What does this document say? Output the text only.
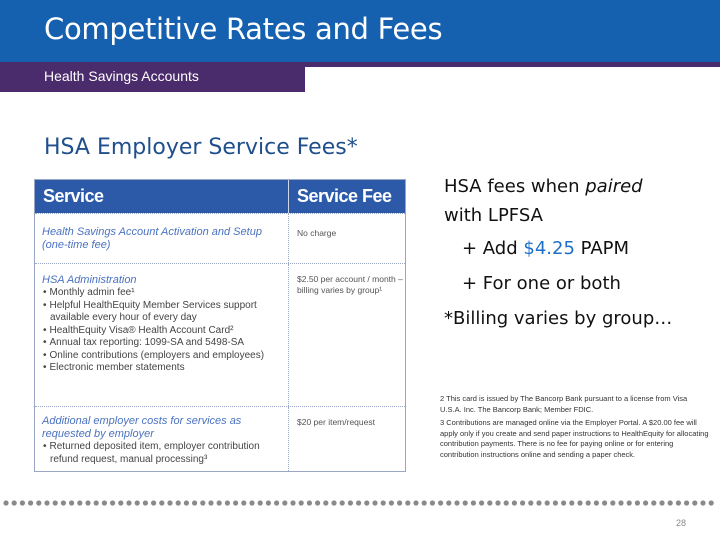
Competitive Rates and Fees
Health Savings Accounts
HSA Employer Service Fees*
Service	Service Fee
Health Savings Account Activation and Setup (one-time fee)
No charge
HSA Administration
• Monthly admin fee¹
• Helpful HealthEquity Member Services support available every hour of every day
• HealthEquity Visa® Health Account Card²
• Annual tax reporting: 1099-SA and 5498-SA
• Online contributions (employers and employees)
• Electronic member statements
$2.50 per account / month – billing varies by group¹
Additional employer costs for services as requested by employer
• Returned deposited item, employer contribution refund request, manual processing³
$20 per item/request
HSA fees when paired
with LPFSA
+ Add $4.25 PAPM
+ For one or both
*Billing varies by group…
2 This card is issued by The Bancorp Bank pursuant to a license from Visa U.S.A. Inc. The Bancorp Bank; Member FDIC.
3 Contributions are managed online via the Employer Portal. A $20.00 fee will apply only if you create and send paper instructions to HealthEquity for allocating contribution payments. There is no fee for paying online or for entering contribution instructions online and sending a paper check.
28
